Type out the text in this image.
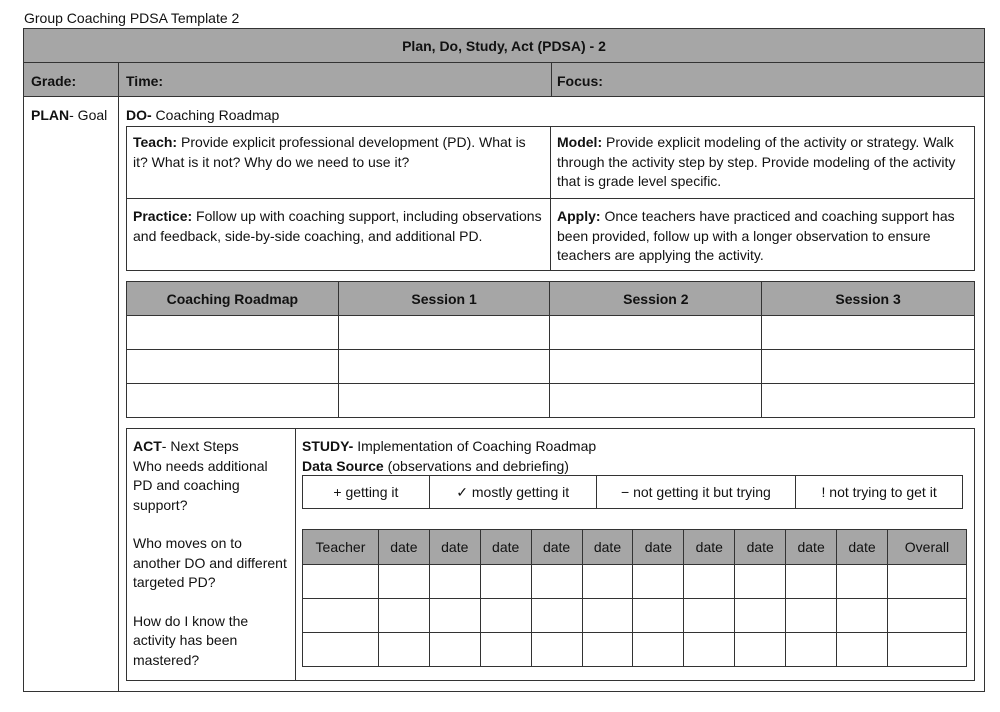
Group Coaching PDSA Template 2
Plan, Do, Study, Act (PDSA) - 2
Grade:	Time:	Focus:
PLAN- Goal DO- Coaching Roadmap
Teach: Provide explicit professional development (PD). What is it? What is it not? Why do we need to use it?
Model: Provide explicit modeling of the activity or strategy. Walk through the activity step by step. Provide modeling of the activity that is grade level specific.
Practice: Follow up with coaching support, including observations and feedback, side-by-side coaching, and additional PD.
Apply: Once teachers have practiced and coaching support has been provided, follow up with a longer observation to ensure teachers are applying the activity.
Coaching Roadmap	Session 1	Session 2	Session 3

ACT- Next Steps
Who needs additional PD and coaching support?
Who moves on to another DO and different targeted PD?
How do I know the activity has been mastered?
STUDY- Implementation of Coaching Roadmap
Data Source (observations and debriefing)
+ getting it	✓ mostly getting it	− not getting it but trying	! not trying to get it
Teacher	date	date	date	date	date	date	date	date	date	date	Overall
